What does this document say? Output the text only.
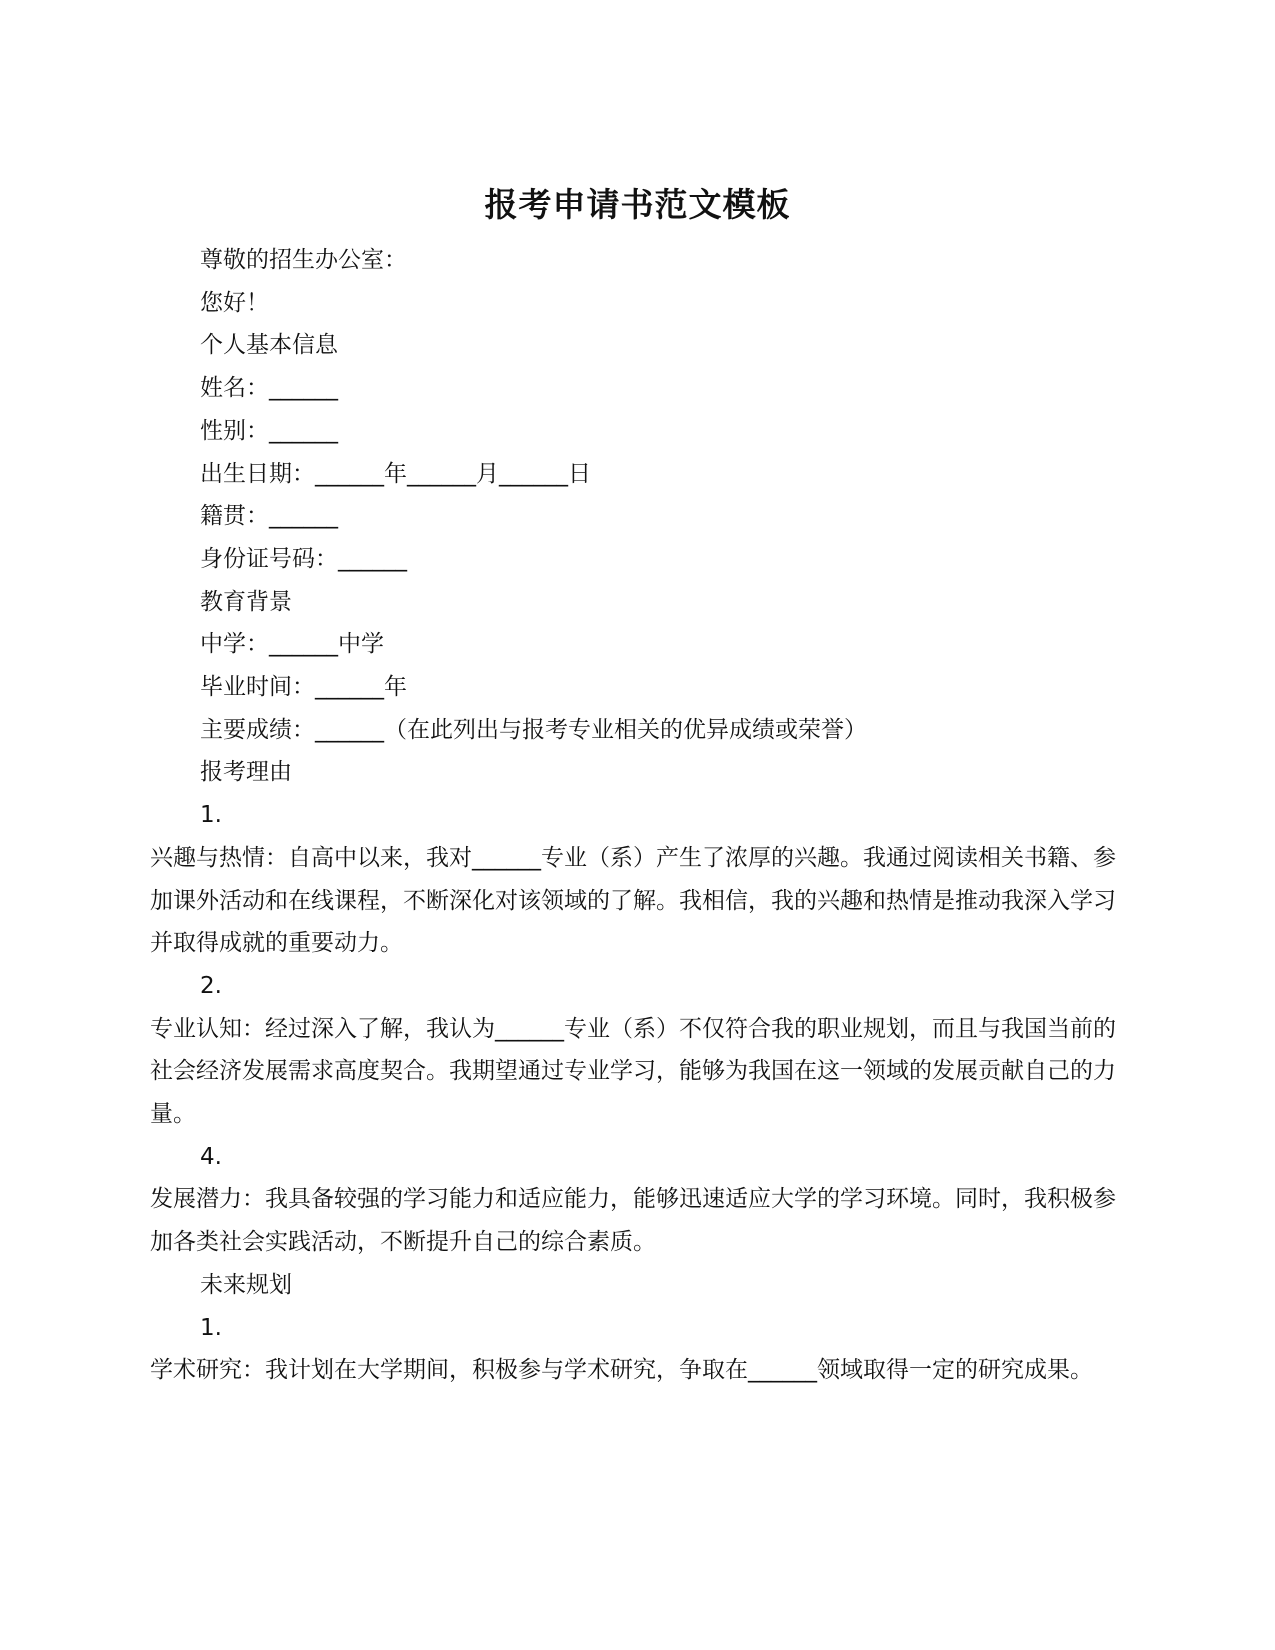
报考申请书范文模板
尊敬的招生办公室：
您好！
个人基本信息
姓名：______
性别：______
出生日期：______年______月______日
籍贯：______
身份证号码：______
教育背景
中学：______中学
毕业时间：______年
主要成绩：______（在此列出与报考专业相关的优异成绩或荣誉）
报考理由
1.
兴趣与热情：自高中以来，我对______专业（系）产生了浓厚的兴趣。我通过阅读相关书籍、参加课外活动和在线课程，不断深化对该领域的了解。我相信，我的兴趣和热情是推动我深入学习并取得成就的重要动力。
2.
专业认知：经过深入了解，我认为______专业（系）不仅符合我的职业规划，而且与我国当前的社会经济发展需求高度契合。我期望通过专业学习，能够为我国在这一领域的发展贡献自己的力量。
4.
发展潜力：我具备较强的学习能力和适应能力，能够迅速适应大学的学习环境。同时，我积极参加各类社会实践活动，不断提升自己的综合素质。
未来规划
1.
学术研究：我计划在大学期间，积极参与学术研究，争取在______领域取得一定的研究成果。
